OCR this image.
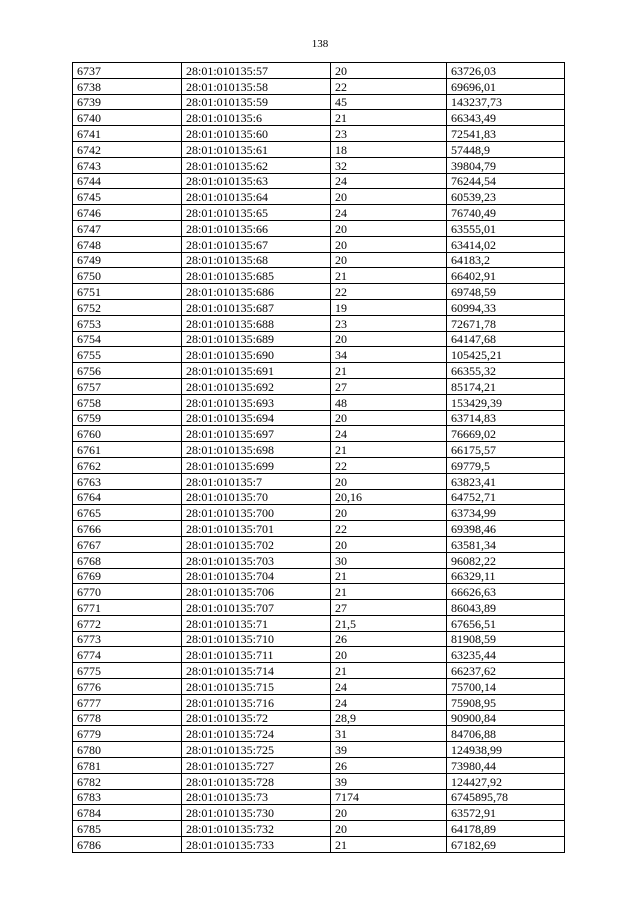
138
6737	28:01:010135:57	20	63726,03
6738	28:01:010135:58	22	69696,01
6739	28:01:010135:59	45	143237,73
6740	28:01:010135:6	21	66343,49
6741	28:01:010135:60	23	72541,83
6742	28:01:010135:61	18	57448,9
6743	28:01:010135:62	32	39804,79
6744	28:01:010135:63	24	76244,54
6745	28:01:010135:64	20	60539,23
6746	28:01:010135:65	24	76740,49
6747	28:01:010135:66	20	63555,01
6748	28:01:010135:67	20	63414,02
6749	28:01:010135:68	20	64183,2
6750	28:01:010135:685	21	66402,91
6751	28:01:010135:686	22	69748,59
6752	28:01:010135:687	19	60994,33
6753	28:01:010135:688	23	72671,78
6754	28:01:010135:689	20	64147,68
6755	28:01:010135:690	34	105425,21
6756	28:01:010135:691	21	66355,32
6757	28:01:010135:692	27	85174,21
6758	28:01:010135:693	48	153429,39
6759	28:01:010135:694	20	63714,83
6760	28:01:010135:697	24	76669,02
6761	28:01:010135:698	21	66175,57
6762	28:01:010135:699	22	69779,5
6763	28:01:010135:7	20	63823,41
6764	28:01:010135:70	20,16	64752,71
6765	28:01:010135:700	20	63734,99
6766	28:01:010135:701	22	69398,46
6767	28:01:010135:702	20	63581,34
6768	28:01:010135:703	30	96082,22
6769	28:01:010135:704	21	66329,11
6770	28:01:010135:706	21	66626,63
6771	28:01:010135:707	27	86043,89
6772	28:01:010135:71	21,5	67656,51
6773	28:01:010135:710	26	81908,59
6774	28:01:010135:711	20	63235,44
6775	28:01:010135:714	21	66237,62
6776	28:01:010135:715	24	75700,14
6777	28:01:010135:716	24	75908,95
6778	28:01:010135:72	28,9	90900,84
6779	28:01:010135:724	31	84706,88
6780	28:01:010135:725	39	124938,99
6781	28:01:010135:727	26	73980,44
6782	28:01:010135:728	39	124427,92
6783	28:01:010135:73	7174	6745895,78
6784	28:01:010135:730	20	63572,91
6785	28:01:010135:732	20	64178,89
6786	28:01:010135:733	21	67182,69
